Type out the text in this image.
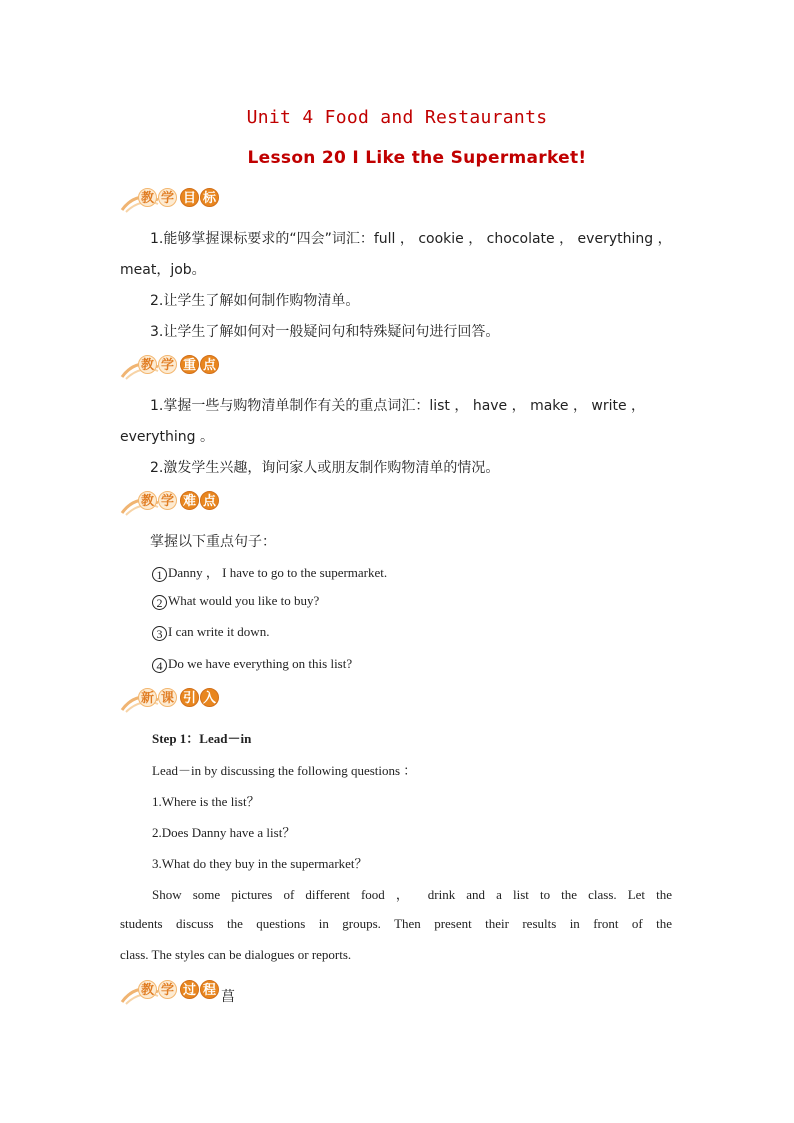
Unit 4 Food and Restaurants
Lesson 20 I Like the Supermarket!
教 学 目 标
1.能够掌握课标要求的“四会”词汇：full ， cookie ， chocolate ， everything ，
meat，job。
2.让学生了解如何制作购物清单。
3.让学生了解如何对一般疑问句和特殊疑问句进行回答。
教 学 重 点
1.掌握一些与购物清单制作有关的重点词汇：list ， have ， make ， write ，
everything 。
2.激发学生兴趣，询问家人或朋友制作购物清单的情况。
教 学 难 点
掌握以下重点句子：
1 Danny ， I have to go to the supermarket.
2 What would you like to buy?
3 I can write it down.
4 Do we have everything on this list?
新 课 引 入
Step 1：Lead－in
Lead－in by discussing the following questions ：
1.Where is the list？
2.Does Danny have a list？
3.What do they buy in the supermarket？
Show some pictures of different food ， drink and a list to the class. Let the
students discuss the questions in groups. Then present their results in front of the
class. The styles can be dialogues or reports.
教 学 过 程 菖
